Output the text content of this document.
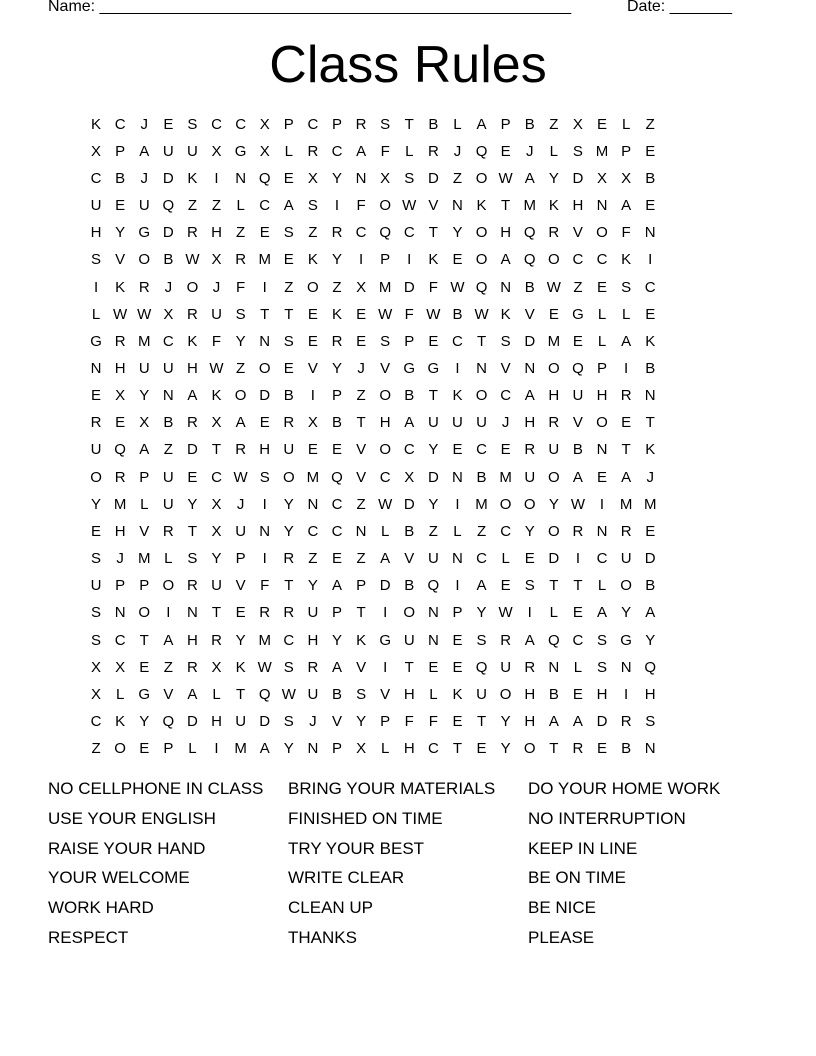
Name: _____________________________________________________	Date: _______
Class Rules
K C J	E S C C X P C P R S T B L A P B Z X E L	Z
X P A U U X G X L R C A F	L R J Q E	J	L S M P E
C B	J D K	I	N Q E X Y N X S D Z O W A Y D X X B
U E U Q Z Z	L C A S	I	F O W V N K T M K H N A E
H Y G D R H Z E S Z R C Q C T Y O H Q R V O F N
S V O B W X R M E K Y	I	P	I	K E O A Q O C C K	I
I	K R J O J	F	I	Z O Z X M D F W Q N B W Z E S C
L W W X R U S T T E K E W F W B W K V E G L	L E
G R M C K F Y N S E R E S P E C T S D M E L A K
N H U U H W Z O E V Y	J	V G G	I	N V N O Q P	I	B
E X Y N A K O D B	I	P Z O B T K O C A H U H R N
R E X B R X A E R X B T H A U U U J H R V O E T
U Q A Z D T R H U E E V O C Y E C E R U B N T K
O R P U E C W S O M Q V C X D N B M U O A E A	J
Y M L U Y X	J	I	Y N C Z W D Y	I	M O O Y W I	M M
E H V R T X U N Y C C N L B Z	L	Z C Y O R N R E
S	J M L S Y P	I	R Z E Z A V U N C L E D	I	C U D
U P P O R U V F T Y A P D B Q	I	A E S T T	L O B
S N O	I	N T E R R U P T	I	O N P Y W I	L E A Y A
S C T A H R Y M C H Y K G U N E S R A Q C S G Y
X X E Z R X K W S R A V	I	T E E Q U R N L S N Q
X L G V A L	T Q W U B S V H L K U O H B E H	I	H
C K Y Q D H U D S	J	V Y P F F E T Y H A A D R S
Z O E P L	I	M A Y N P X L H C T E Y O T R E B N
NO CELLPHONE IN CLASS	BRING YOUR MATERIALS	DO YOUR HOME WORK
USE YOUR ENGLISH	FINISHED ON TIME	NO INTERRUPTION
RAISE YOUR HAND	TRY YOUR BEST	KEEP IN LINE
YOUR WELCOME	WRITE CLEAR	BE ON TIME
WORK HARD	CLEAN UP	BE NICE
RESPECT	THANKS	PLEASE
